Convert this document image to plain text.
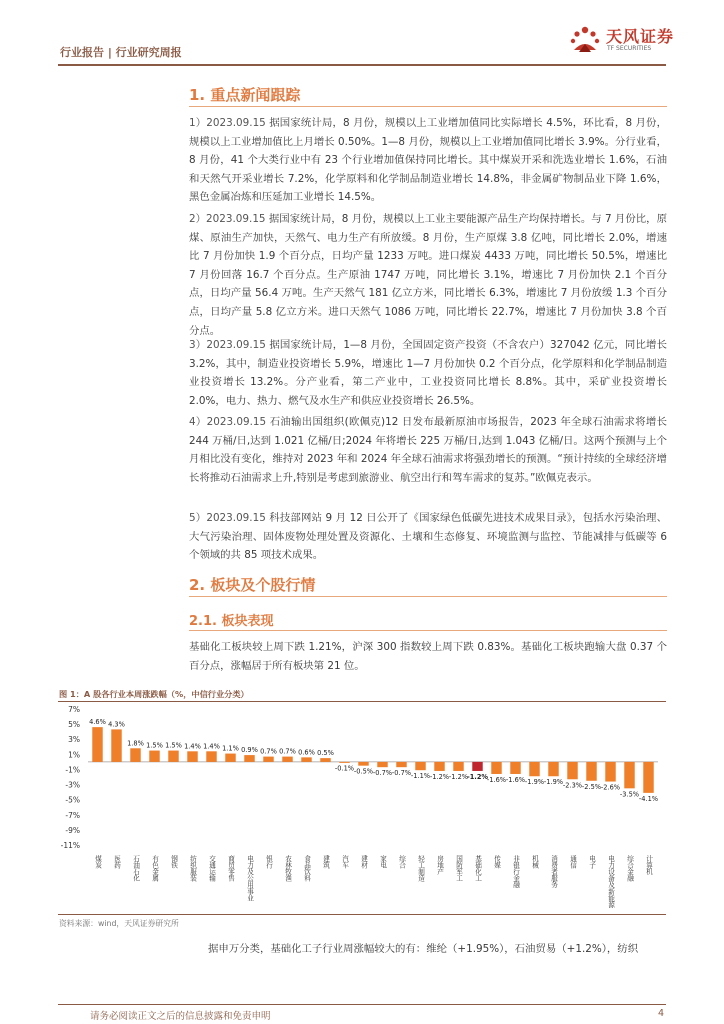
行业报告 | 行业研究周报
天风证券
TF SECURITIES
1. 重点新闻跟踪
1）2023.09.15 据国家统计局，8 月份，规模以上工业增加值同比实际增长 4.5%，环比看，8 月份，规模以上工业增加值比上月增长 0.50%。1—8 月份，规模以上工业增加值同比增长 3.9%。分行业看，8 月份，41 个大类行业中有 23 个行业增加值保持同比增长。其中煤炭开采和洗选业增长 1.6%，石油和天然气开采业增长 7.2%，化学原料和化学制品制造业增长 14.8%，非金属矿物制品业下降 1.6%，黑色金属冶炼和压延加工业增长 14.5%。
2）2023.09.15 据国家统计局，8 月份，规模以上工业主要能源产品生产均保持增长。与 7 月份比，原煤、原油生产加快，天然气、电力生产有所放缓。8 月份，生产原煤 3.8 亿吨，同比增长 2.0%，增速比 7 月份加快 1.9 个百分点，日均产量 1233 万吨。进口煤炭 4433 万吨，同比增长 50.5%，增速比 7 月份回落 16.7 个百分点。生产原油 1747 万吨，同比增长 3.1%，增速比 7 月份加快 2.1 个百分点，日均产量 56.4 万吨。生产天然气 181 亿立方米，同比增长 6.3%，增速比 7 月份放缓 1.3 个百分点，日均产量 5.8 亿立方米。进口天然气 1086 万吨，同比增长 22.7%，增速比 7 月份加快 3.8 个百分点。
3）2023.09.15 据国家统计局，1—8 月份，全国固定资产投资（不含农户）327042 亿元，同比增长 3.2%，其中，制造业投资增长 5.9%，增速比 1—7 月份加快 0.2 个百分点，化学原料和化学制品制造业投资增长 13.2%。分产业看，第二产业中，工业投资同比增长 8.8%。其中，采矿业投资增长 2.0%，电力、热力、燃气及水生产和供应业投资增长 26.5%。
4）2023.09.15 石油输出国组织(欧佩克)12 日发布最新原油市场报告，2023 年全球石油需求将增长 244 万桶/日,达到 1.021 亿桶/日;2024 年将增长 225 万桶/日,达到 1.043 亿桶/日。这两个预测与上个月相比没有变化，维持对 2023 年和 2024 年全球石油需求将强劲增长的预测。“预计持续的全球经济增长将推动石油需求上升,特别是考虑到旅游业、航空出行和驾车需求的复苏。”欧佩克表示。
5）2023.09.15 科技部网站 9 月 12 日公开了《国家绿色低碳先进技术成果目录》，包括水污染治理、大气污染治理、固体废物处理处置及资源化、土壤和生态修复、环境监测与监控、节能减排与低碳等 6 个领域的共 85 项技术成果。
2. 板块及个股行情
2.1. 板块表现
基础化工板块较上周下跌 1.21%，沪深 300 指数较上周下跌 0.83%。基础化工板块跑输大盘 0.37 个百分点，涨幅居于所有板块第 21 位。
图 1：A 股各行业本周涨跌幅（%，中信行业分类）
7%
5%
3%
1%
-1%
-3%
-5%
-7%
-9%
-11%
4.6%
煤炭
4.3%
医药
1.8%
石油石化
1.5%
有色金属
1.5%
钢铁
1.4%
纺织服装
1.4%
交通运输
1.1%
商贸零售
0.9%
电力及公用事业
0.7%
银行
0.7%
农林牧渔
0.6%
食品饮料
0.5%
建筑
-0.1%
汽车
-0.5%
建材
-0.7%
家电
-0.7%
综合
-1.1%
轻工制造
-1.2%
房地产
-1.2%
国防军工
-1.2%
基础化工
-1.6%
传媒
-1.6%
非银行金融
-1.9%
机械
-1.9%
消费者服务
-2.3%
通信
-2.5%
电子
-2.6%
电力设备及新能源
-3.5%
综合金融
-4.1%
计算机
资料来源：wind，天风证券研究所
据申万分类，基础化工子行业周涨幅较大的有：维纶（+1.95%），石油贸易（+1.2%），纺织
请务必阅读正文之后的信息披露和免责申明	4
